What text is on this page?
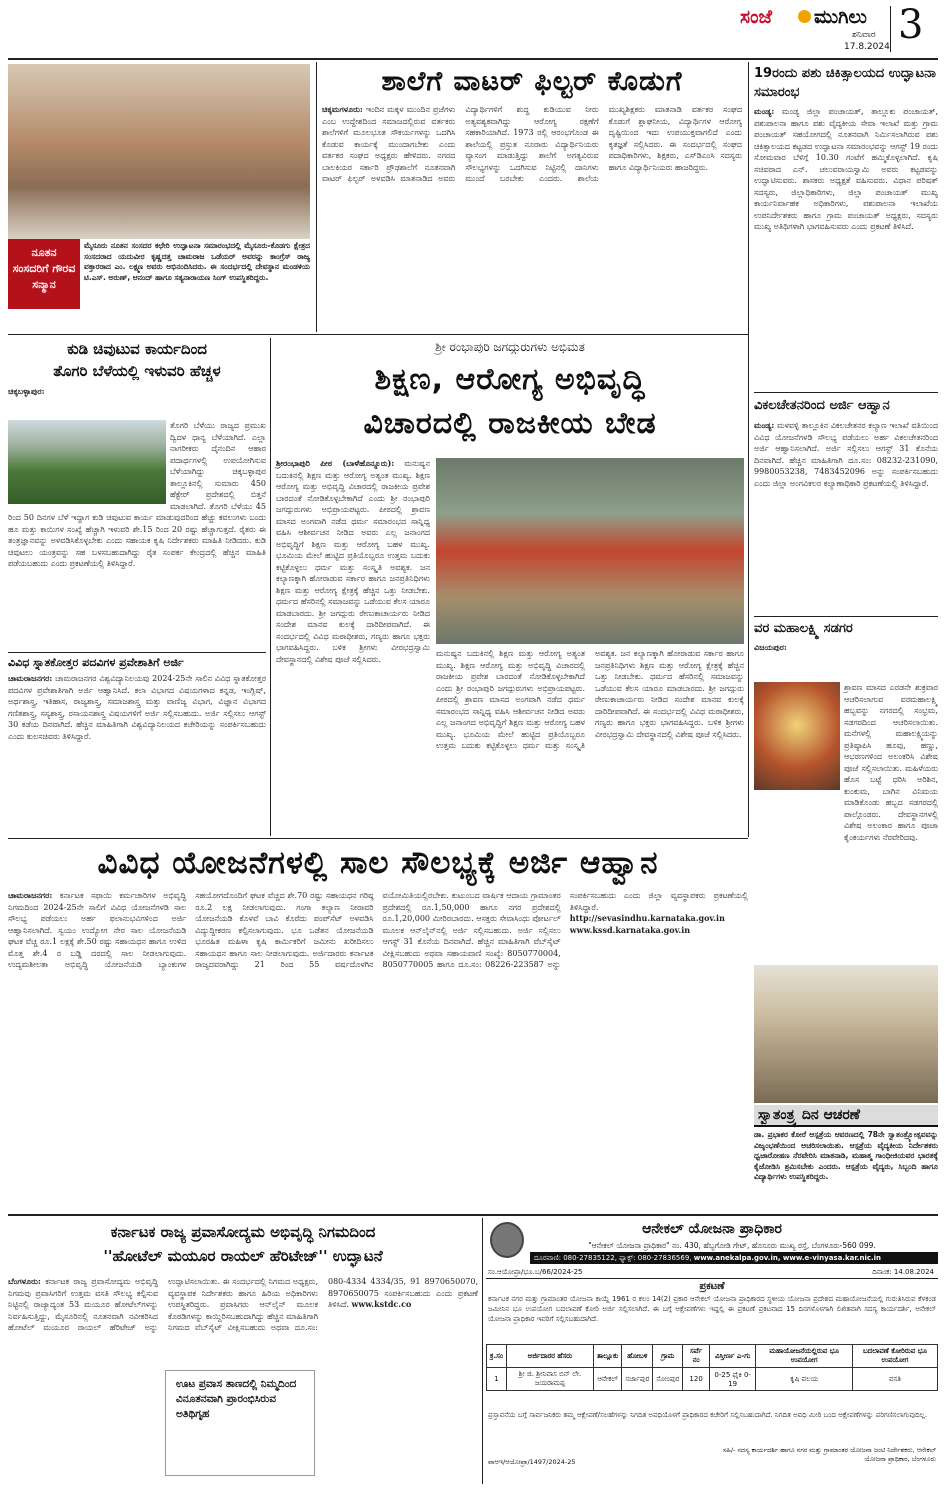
ಸಂಜೆ ಮುಗಿಲು
ಶನಿವಾರ
17.8.2024 3
ನೂತನ ಸಂಸದರಿಗೆ ಗೌರವ ಸನ್ಮಾನ
ಮೈಸೂರು ನೂತನ ಸಂಸದರ ಕಛೇರಿ ಉದ್ಘಾಟನಾ ಸಮಾರಂಭದಲ್ಲಿ ಮೈಸೂರು-ಕೊಡಗು ಕ್ಷೇತ್ರದ ಸಂಸದರಾದ ಯದುವೀರ ಕೃಷ್ಣದತ್ತ ಚಾಮರಾಜ ಒಡೆಯರ್ ಅವರನ್ನು ಕಾಂಗ್ರೆಸ್ ರಾಜ್ಯ ವಕ್ತಾರರಾದ ಎಂ. ಲಕ್ಷ್ಮಣ ಅವರು ಅಭಿನಂದಿಸಿದರು. ಈ ಸಂದರ್ಭದಲ್ಲಿ ದೇವಸ್ಥಾನ ಮಂಡಳಿಯ ಟಿ.ಎಸ್. ಅರುಣ್, ಆನಂದ್ ಹಾಗೂ ಸತ್ಯನಾರಾಯಣ ಸಿಂಗ್ ಉಪಸ್ಥಿತರಿದ್ದರು.
ಶಾಲೆಗೆ ವಾಟರ್ ಫಿಲ್ಟರ್ ಕೊಡುಗೆ
ಚಿಕ್ಕಮಗಳೂರು: ಇಂದಿನ ಮಕ್ಕಳ ಮುಂದಿನ ಪ್ರಜೆಗಳು ಎಂಬ ಉದ್ದೇಶದಿಂದ ಸಮಾಜದಲ್ಲಿರುವ ವರ್ತಕರು ಶಾಲೆಗಳಿಗೆ ಮೂಲಭೂತ ಸೌಕರ್ಯಗಳನ್ನು ಒದಗಿಸಿ ಕೊಡುವ ಕಾರ್ಯಕ್ಕೆ ಮುಂದಾಗಬೇಕು ಎಂದು ವರ್ತಕರ ಸಂಘದ ಅಧ್ಯಕ್ಷರು ಹೇಳಿದರು. ನಗರದ ಬಾಲಕಿಯರ ಸರ್ಕಾರಿ ಪ್ರೌಢಶಾಲೆಗೆ ನೂತನವಾಗಿ ವಾಟರ್ ಫಿಲ್ಟರ್ ಅಳವಡಿಸಿ ಮಾತನಾಡಿದ ಅವರು ವಿದ್ಯಾರ್ಥಿಗಳಿಗೆ ಶುದ್ಧ ಕುಡಿಯುವ ನೀರು ಅತ್ಯವಶ್ಯಕವಾಗಿದ್ದು ಆರೋಗ್ಯ ರಕ್ಷಣೆಗೆ ಸಹಕಾರಿಯಾಗಿದೆ. 1973 ರಲ್ಲಿ ಆರಂಭಗೊಂಡ ಈ ಶಾಲೆಯಲ್ಲಿ ಪ್ರಸ್ತುತ ನೂರಾರು ವಿದ್ಯಾರ್ಥಿನಿಯರು ವ್ಯಾಸಂಗ ಮಾಡುತ್ತಿದ್ದು ಶಾಲೆಗೆ ಅಗತ್ಯವಿರುವ ಸೌಲಭ್ಯಗಳನ್ನು ಒದಗಿಸುವ ನಿಟ್ಟಿನಲ್ಲಿ ದಾನಿಗಳು ಮುಂದೆ ಬರಬೇಕು ಎಂದರು. ಶಾಲೆಯ ಮುಖ್ಯಶಿಕ್ಷಕರು ಮಾತನಾಡಿ ವರ್ತಕರ ಸಂಘದ ಕೊಡುಗೆ ಶ್ಲಾಘನೀಯ, ವಿದ್ಯಾರ್ಥಿಗಳ ಆರೋಗ್ಯ ದೃಷ್ಟಿಯಿಂದ ಇದು ಉಪಯುಕ್ತವಾಗಲಿದೆ ಎಂದು ಕೃತಜ್ಞತೆ ಸಲ್ಲಿಸಿದರು. ಈ ಸಂದರ್ಭದಲ್ಲಿ ಸಂಘದ ಪದಾಧಿಕಾರಿಗಳು, ಶಿಕ್ಷಕರು, ಎಸ್‌ಡಿಎಂಸಿ ಸದಸ್ಯರು ಹಾಗೂ ವಿದ್ಯಾರ್ಥಿನಿಯರು ಹಾಜರಿದ್ದರು.
19ರಂದು ಪಶು ಚಿಕಿತ್ಸಾಲಯದ ಉದ್ಘಾಟನಾ ಸಮಾರಂಭ
ಮಂಡ್ಯ: ಮಂಡ್ಯ ಜಿಲ್ಲಾ ಪಂಚಾಯತ್, ತಾಲ್ಲೂಕು ಪಂಚಾಯತ್, ಪಶುಪಾಲನಾ ಹಾಗೂ ಪಶು ವೈದ್ಯಕೀಯ ಸೇವಾ ಇಲಾಖೆ ಮತ್ತು ಗ್ರಾಮ ಪಂಚಾಯತ್ ಸಹಯೋಗದಲ್ಲಿ ನೂತನವಾಗಿ ನಿರ್ಮಿಸಲಾಗಿರುವ ಪಶು ಚಿಕಿತ್ಸಾಲಯದ ಕಟ್ಟಡದ ಉದ್ಘಾಟನಾ ಸಮಾರಂಭವನ್ನು ಆಗಸ್ಟ್ 19 ರಂದು ಸೋಮವಾರ ಬೆಳಿಗ್ಗೆ 10.30 ಗಂಟೆಗೆ ಹಮ್ಮಿಕೊಳ್ಳಲಾಗಿದೆ. ಕೃಷಿ ಸಚಿವರಾದ ಎನ್. ಚಲುವರಾಯಸ್ವಾಮಿ ಅವರು ಕಟ್ಟಡವನ್ನು ಉದ್ಘಾಟಿಸುವರು. ಶಾಸಕರು ಅಧ್ಯಕ್ಷತೆ ವಹಿಸುವರು. ವಿಧಾನ ಪರಿಷತ್ ಸದಸ್ಯರು, ಜಿಲ್ಲಾಧಿಕಾರಿಗಳು, ಜಿಲ್ಲಾ ಪಂಚಾಯತ್ ಮುಖ್ಯ ಕಾರ್ಯನಿರ್ವಾಹಕ ಅಧಿಕಾರಿಗಳು, ಪಶುಪಾಲನಾ ಇಲಾಖೆಯ ಉಪನಿರ್ದೇಶಕರು ಹಾಗೂ ಗ್ರಾಮ ಪಂಚಾಯತ್ ಅಧ್ಯಕ್ಷರು, ಸದಸ್ಯರು ಮುಖ್ಯ ಅತಿಥಿಗಳಾಗಿ ಭಾಗವಹಿಸುವರು ಎಂದು ಪ್ರಕಟಣೆ ತಿಳಿಸಿದೆ.
ವಿಕಲಚೇತನರಿಂದ ಅರ್ಜಿ ಆಹ್ವಾನ
ಮಂಡ್ಯ: ಮಳವಳ್ಳಿ ತಾಲ್ಲೂಕಿನ ವಿಕಲಚೇತನರ ಕಲ್ಯಾಣ ಇಲಾಖೆ ವತಿಯಿಂದ ವಿವಿಧ ಯೋಜನೆಗಳಡಿ ಸೌಲಭ್ಯ ಪಡೆಯಲು ಅರ್ಹ ವಿಕಲಚೇತನರಿಂದ ಅರ್ಜಿ ಆಹ್ವಾನಿಸಲಾಗಿದೆ. ಅರ್ಜಿ ಸಲ್ಲಿಸಲು ಆಗಸ್ಟ್ 31 ಕೊನೆಯ ದಿನವಾಗಿದೆ. ಹೆಚ್ಚಿನ ಮಾಹಿತಿಗಾಗಿ ದೂ.ಸಂ: 08232-231090, 9980053238, 7483452096 ಅನ್ನು ಸಂಪರ್ಕಿಸಬಹುದು ಎಂದು ಜಿಲ್ಲಾ ಅಂಗವಿಕಲರ ಕಲ್ಯಾಣಾಧಿಕಾರಿ ಪ್ರಕಟಣೆಯಲ್ಲಿ ತಿಳಿಸಿದ್ದಾರೆ.
ವರ ಮಹಾಲಕ್ಷ್ಮಿ ಸಡಗರ
ವಿಜಯಪುರ:
ಶ್ರಾವಣ ಮಾಸದ ಎರಡನೇ ಶುಕ್ರವಾರ ಆಚರಿಸಲಾಗುವ ವರಮಹಾಲಕ್ಷ್ಮಿ ಹಬ್ಬವನ್ನು ನಗರದಲ್ಲಿ ಸಂಭ್ರಮ, ಸಡಗರದಿಂದ ಆಚರಿಸಲಾಯಿತು. ಮನೆಗಳಲ್ಲಿ ಮಹಾಲಕ್ಷ್ಮಿಯನ್ನು ಪ್ರತಿಷ್ಠಾಪಿಸಿ ಹೂವು, ಹಣ್ಣು, ಆಭರಣಗಳಿಂದ ಅಲಂಕರಿಸಿ ವಿಶೇಷ ಪೂಜೆ ಸಲ್ಲಿಸಲಾಯಿತು. ಮಹಿಳೆಯರು ಹೊಸ ಬಟ್ಟೆ ಧರಿಸಿ ಅರಿಶಿನ, ಕುಂಕುಮ, ಬಾಗಿನ ವಿನಿಮಯ ಮಾಡಿಕೊಂಡು ಹಬ್ಬದ ಸಡಗರದಲ್ಲಿ ಪಾಲ್ಗೊಂಡರು. ದೇವಸ್ಥಾನಗಳಲ್ಲಿ ವಿಶೇಷ ಅಲಂಕಾರ ಹಾಗೂ ಪೂಜಾ ಕೈಂಕರ್ಯಗಳು ನೆರವೇರಿದವು.
ಸ್ವಾತಂತ್ರ್ಯ ದಿನ ಆಚರಣೆ
ಡಾ. ಪ್ರಭಾಕರ ಕೋರೆ ಆಸ್ಪತ್ರೆಯ ಆವರಣದಲ್ಲಿ 78ನೇ ಸ್ವಾತಂತ್ರ್ಯೋತ್ಸವವನ್ನು ವಿಜೃಂಭಣೆಯಿಂದ ಆಚರಿಸಲಾಯಿತು. ಆಸ್ಪತ್ರೆಯ ವೈದ್ಯಕೀಯ ನಿರ್ದೇಶಕರು ಧ್ವಜಾರೋಹಣ ನೆರವೇರಿಸಿ ಮಾತನಾಡಿ, ಮಹಾತ್ಮ ಗಾಂಧೀಜಿಯವರ ಭಾರತಕ್ಕೆ ಕೈಜೋಡಿಸಿ ಶ್ರಮಿಸಬೇಕು ಎಂದರು. ಆಸ್ಪತ್ರೆಯ ವೈದ್ಯರು, ಸಿಬ್ಬಂದಿ ಹಾಗೂ ವಿದ್ಯಾರ್ಥಿಗಳು ಉಪಸ್ಥಿತರಿದ್ದರು.
ಕುಡಿ ಚಿವುಟುವ ಕಾರ್ಯದಿಂದ
ತೊಗರಿ ಬೆಳೆಯಲ್ಲಿ ಇಳುವರಿ ಹೆಚ್ಚಳ
ಚಿಕ್ಕಬಳ್ಳಾಪುರ:
ತೊಗರಿ ಬೆಳೆಯು ರಾಜ್ಯದ ಪ್ರಮುಖ ದ್ವಿದಳ ಧಾನ್ಯ ಬೆಳೆಯಾಗಿದೆ. ಎಲ್ಲಾ ನಾಗರೀಕರು ದೈನಂದಿನ ಆಹಾರ ಪದಾರ್ಥಗಳಲ್ಲಿ ಉಪಯೋಗಿಸುವ ಬೆಳೆಯಾಗಿದ್ದು ಚಿಕ್ಕಬಳ್ಳಾಪುರ ತಾಲ್ಲೂಕಿನಲ್ಲಿ ಸುಮಾರು 450 ಹೆಕ್ಟೇರ್ ಪ್ರದೇಶದಲ್ಲಿ ಬಿತ್ತನೆ ಮಾಡಲಾಗಿದೆ. ತೊಗರಿ ಬೆಳೆಯು 45 ರಿಂದ 50 ದಿನಗಳ ಬೆಳೆ ಇದ್ದಾಗ ಕುಡಿ ಚಿವುಟುವ ಕಾರ್ಯ ಮಾಡುವುದರಿಂದ ಹೆಚ್ಚು ಕವಲುಗಳು ಬಂದು ಹೂ ಮತ್ತು ಕಾಯಿಗಳ ಸಂಖ್ಯೆ ಹೆಚ್ಚಾಗಿ ಇಳುವರಿ ಶೇ.15 ರಿಂದ 20 ರಷ್ಟು ಹೆಚ್ಚಾಗುತ್ತದೆ. ರೈತರು ಈ ತಂತ್ರಜ್ಞಾನವನ್ನು ಅಳವಡಿಸಿಕೊಳ್ಳಬೇಕು ಎಂದು ಸಹಾಯಕ ಕೃಷಿ ನಿರ್ದೇಶಕರು ಮಾಹಿತಿ ನೀಡಿದರು. ಕುಡಿ ಚಿವುಟಲು ಯಂತ್ರವನ್ನು ಸಹ ಬಳಸಬಹುದಾಗಿದ್ದು ರೈತ ಸಂಪರ್ಕ ಕೇಂದ್ರದಲ್ಲಿ ಹೆಚ್ಚಿನ ಮಾಹಿತಿ ಪಡೆಯಬಹುದು ಎಂದು ಪ್ರಕಟಣೆಯಲ್ಲಿ ತಿಳಿಸಿದ್ದಾರೆ.
ವಿವಿಧ ಸ್ನಾತಕೋತ್ತರ ಪದವಿಗಳ ಪ್ರವೇಶಾತಿಗೆ ಅರ್ಜಿ
ಚಾಮರಾಜನಗರ: ಚಾಮರಾಜನಗರ ವಿಶ್ವವಿದ್ಯಾನಿಲಯವು 2024-25ನೇ ಸಾಲಿನ ವಿವಿಧ ಸ್ನಾತಕೋತ್ತರ ಪದವಿಗಳ ಪ್ರವೇಶಾತಿಗಾಗಿ ಅರ್ಜಿ ಆಹ್ವಾನಿಸಿದೆ. ಕಲಾ ವಿಭಾಗದ ವಿಷಯಗಳಾದ ಕನ್ನಡ, ಇಂಗ್ಲಿಷ್, ಅರ್ಥಶಾಸ್ತ್ರ, ಇತಿಹಾಸ, ರಾಜ್ಯಶಾಸ್ತ್ರ, ಸಮಾಜಶಾಸ್ತ್ರ ಮತ್ತು ವಾಣಿಜ್ಯ ವಿಭಾಗ, ವಿಜ್ಞಾನ ವಿಭಾಗದ ಗಣಿತಶಾಸ್ತ್ರ, ಸಸ್ಯಶಾಸ್ತ್ರ, ರಸಾಯನಶಾಸ್ತ್ರ ವಿಷಯಗಳಿಗೆ ಅರ್ಜಿ ಸಲ್ಲಿಸಬಹುದು. ಅರ್ಜಿ ಸಲ್ಲಿಸಲು ಆಗಸ್ಟ್ 30 ಕಡೆಯ ದಿನವಾಗಿದೆ. ಹೆಚ್ಚಿನ ಮಾಹಿತಿಗಾಗಿ ವಿಶ್ವವಿದ್ಯಾನಿಲಯದ ಕಚೇರಿಯನ್ನು ಸಂಪರ್ಕಿಸಬಹುದು ಎಂದು ಕುಲಸಚಿವರು ತಿಳಿಸಿದ್ದಾರೆ.
ಶ್ರೀ ರಂಭಾಪುರಿ ಜಗದ್ಗುರುಗಳು ಅಭಿಮತ
ಶಿಕ್ಷಣ, ಆರೋಗ್ಯ ಅಭಿವೃದ್ಧಿ
ವಿಚಾರದಲ್ಲಿ ರಾಜಕೀಯ ಬೇಡ
ಶ್ರೀರಂಭಾಪುರಿ ಪೀಠ (ಬಾಳೆಹೊನ್ನೂರು): ಮನುಷ್ಯನ ಬದುಕಿನಲ್ಲಿ ಶಿಕ್ಷಣ ಮತ್ತು ಆರೋಗ್ಯ ಅತ್ಯಂತ ಮುಖ್ಯ. ಶಿಕ್ಷಣ ಆರೋಗ್ಯ ಮತ್ತು ಅಭಿವೃದ್ಧಿ ವಿಚಾರದಲ್ಲಿ ರಾಜಕೀಯ ಪ್ರವೇಶ ಬಾರದಂತೆ ನೋಡಿಕೊಳ್ಳಬೇಕಾಗಿದೆ ಎಂದು ಶ್ರೀ ರಂಭಾಪುರಿ ಜಗದ್ಗುರುಗಳು ಅಭಿಪ್ರಾಯಪಟ್ಟರು. ಪೀಠದಲ್ಲಿ ಶ್ರಾವಣ ಮಾಸದ ಅಂಗವಾಗಿ ನಡೆದ ಧರ್ಮ ಸಮಾರಂಭದ ಸಾನ್ನಿಧ್ಯ ವಹಿಸಿ ಆಶೀರ್ವಚನ ನೀಡಿದ ಅವರು ಎಲ್ಲ ಜನಾಂಗದ ಅಭಿವೃದ್ಧಿಗೆ ಶಿಕ್ಷಣ ಮತ್ತು ಆರೋಗ್ಯ ಬಹಳ ಮುಖ್ಯ. ಭೂಮಿಯ ಮೇಲೆ ಹುಟ್ಟಿದ ಪ್ರತಿಯೊಬ್ಬರೂ ಉತ್ತಮ ಬದುಕು ಕಟ್ಟಿಕೊಳ್ಳಲು ಧರ್ಮ ಮತ್ತು ಸಂಸ್ಕೃತಿ ಅವಶ್ಯಕ. ಜನ ಕಲ್ಯಾಣಕ್ಕಾಗಿ ಹೋರಾಡುವ ಸರ್ಕಾರ ಹಾಗೂ ಜನಪ್ರತಿನಿಧಿಗಳು ಶಿಕ್ಷಣ ಮತ್ತು ಆರೋಗ್ಯ ಕ್ಷೇತ್ರಕ್ಕೆ ಹೆಚ್ಚಿನ ಒತ್ತು ನೀಡಬೇಕು. ಧರ್ಮದ ಹೆಸರಿನಲ್ಲಿ ಸಮಾಜವನ್ನು ಒಡೆಯುವ ಕೆಲಸ ಯಾರೂ ಮಾಡಬಾರದು. ಶ್ರೀ ಜಗದ್ಗುರು ರೇಣುಕಾಚಾರ್ಯರು ನೀಡಿದ ಸಂದೇಶ ಮಾನವ ಕುಲಕ್ಕೆ ದಾರಿದೀಪವಾಗಿದೆ. ಈ ಸಂದರ್ಭದಲ್ಲಿ ವಿವಿಧ ಮಠಾಧೀಶರು, ಗಣ್ಯರು ಹಾಗೂ ಭಕ್ತರು ಭಾಗವಹಿಸಿದ್ದರು. ಬಳಿಕ ಶ್ರೀಗಳು ವೀರಭದ್ರಸ್ವಾಮಿ ದೇವಸ್ಥಾನದಲ್ಲಿ ವಿಶೇಷ ಪೂಜೆ ಸಲ್ಲಿಸಿದರು.
ಮನುಷ್ಯನ ಬದುಕಿನಲ್ಲಿ ಶಿಕ್ಷಣ ಮತ್ತು ಆರೋಗ್ಯ ಅತ್ಯಂತ ಮುಖ್ಯ. ಶಿಕ್ಷಣ ಆರೋಗ್ಯ ಮತ್ತು ಅಭಿವೃದ್ಧಿ ವಿಚಾರದಲ್ಲಿ ರಾಜಕೀಯ ಪ್ರವೇಶ ಬಾರದಂತೆ ನೋಡಿಕೊಳ್ಳಬೇಕಾಗಿದೆ ಎಂದು ಶ್ರೀ ರಂಭಾಪುರಿ ಜಗದ್ಗುರುಗಳು ಅಭಿಪ್ರಾಯಪಟ್ಟರು. ಪೀಠದಲ್ಲಿ ಶ್ರಾವಣ ಮಾಸದ ಅಂಗವಾಗಿ ನಡೆದ ಧರ್ಮ ಸಮಾರಂಭದ ಸಾನ್ನಿಧ್ಯ ವಹಿಸಿ ಆಶೀರ್ವಚನ ನೀಡಿದ ಅವರು ಎಲ್ಲ ಜನಾಂಗದ ಅಭಿವೃದ್ಧಿಗೆ ಶಿಕ್ಷಣ ಮತ್ತು ಆರೋಗ್ಯ ಬಹಳ ಮುಖ್ಯ. ಭೂಮಿಯ ಮೇಲೆ ಹುಟ್ಟಿದ ಪ್ರತಿಯೊಬ್ಬರೂ ಉತ್ತಮ ಬದುಕು ಕಟ್ಟಿಕೊಳ್ಳಲು ಧರ್ಮ ಮತ್ತು ಸಂಸ್ಕೃತಿ ಅವಶ್ಯಕ. ಜನ ಕಲ್ಯಾಣಕ್ಕಾಗಿ ಹೋರಾಡುವ ಸರ್ಕಾರ ಹಾಗೂ ಜನಪ್ರತಿನಿಧಿಗಳು ಶಿಕ್ಷಣ ಮತ್ತು ಆರೋಗ್ಯ ಕ್ಷೇತ್ರಕ್ಕೆ ಹೆಚ್ಚಿನ ಒತ್ತು ನೀಡಬೇಕು. ಧರ್ಮದ ಹೆಸರಿನಲ್ಲಿ ಸಮಾಜವನ್ನು ಒಡೆಯುವ ಕೆಲಸ ಯಾರೂ ಮಾಡಬಾರದು. ಶ್ರೀ ಜಗದ್ಗುರು ರೇಣುಕಾಚಾರ್ಯರು ನೀಡಿದ ಸಂದೇಶ ಮಾನವ ಕುಲಕ್ಕೆ ದಾರಿದೀಪವಾಗಿದೆ. ಈ ಸಂದರ್ಭದಲ್ಲಿ ವಿವಿಧ ಮಠಾಧೀಶರು, ಗಣ್ಯರು ಹಾಗೂ ಭಕ್ತರು ಭಾಗವಹಿಸಿದ್ದರು. ಬಳಿಕ ಶ್ರೀಗಳು ವೀರಭದ್ರಸ್ವಾಮಿ ದೇವಸ್ಥಾನದಲ್ಲಿ ವಿಶೇಷ ಪೂಜೆ ಸಲ್ಲಿಸಿದರು.
ವಿವಿಧ ಯೋಜನೆಗಳಲ್ಲಿ ಸಾಲ ಸೌಲಭ್ಯಕ್ಕೆ ಅರ್ಜಿ ಆಹ್ವಾನ
ಚಾಮರಾಜನಗರ: ಕರ್ನಾಟಕ ಸಫಾಯಿ ಕರ್ಮಚಾರಿಗಳ ಅಭಿವೃದ್ಧಿ ನಿಗಮದಿಂದ 2024-25ನೇ ಸಾಲಿಗೆ ವಿವಿಧ ಯೋಜನೆಗಳಡಿ ಸಾಲ ಸೌಲಭ್ಯ ಪಡೆಯಲು ಅರ್ಹ ಫಲಾನುಭವಿಗಳಿಂದ ಅರ್ಜಿ ಆಹ್ವಾನಿಸಲಾಗಿದೆ. ಸ್ವಯಂ ಉದ್ಯೋಗ ನೇರ ಸಾಲ ಯೋಜನೆಯಡಿ ಘಟಕ ವೆಚ್ಚ ರೂ.1 ಲಕ್ಷಕ್ಕೆ ಶೇ.50 ರಷ್ಟು ಸಹಾಯಧನ ಹಾಗೂ ಉಳಿದ ಮೊತ್ತ ಶೇ.4 ರ ಬಡ್ಡಿ ದರದಲ್ಲಿ ಸಾಲ ನೀಡಲಾಗುವುದು. ಉದ್ಯಮಶೀಲತಾ ಅಭಿವೃದ್ಧಿ ಯೋಜನೆಯಡಿ ಬ್ಯಾಂಕುಗಳ ಸಹಯೋಗದೊಂದಿಗೆ ಘಟಕ ವೆಚ್ಚದ ಶೇ.70 ರಷ್ಟು ಸಹಾಯಧನ ಗರಿಷ್ಠ ರೂ.2 ಲಕ್ಷ ನೀಡಲಾಗುವುದು. ಗಂಗಾ ಕಲ್ಯಾಣ ನೀರಾವರಿ ಯೋಜನೆಯಡಿ ಕೊಳವೆ ಬಾವಿ ಕೊರೆದು ಪಂಪ್‌ಸೆಟ್ ಅಳವಡಿಸಿ ವಿದ್ಯುದ್ದೀಕರಣ ಕಲ್ಪಿಸಲಾಗುವುದು. ಭೂ ಒಡೆತನ ಯೋಜನೆಯಡಿ ಭೂರಹಿತ ಮಹಿಳಾ ಕೃಷಿ ಕಾರ್ಮಿಕರಿಗೆ ಜಮೀನು ಖರೀದಿಸಲು ಸಹಾಯಧನ ಹಾಗೂ ಸಾಲ ನೀಡಲಾಗುವುದು. ಅರ್ಜಿದಾರರು ಕರ್ನಾಟಕ ರಾಜ್ಯದವರಾಗಿದ್ದು 21 ರಿಂದ 55 ವರ್ಷದೊಳಗಿನ ವಯೋಮಿತಿಯಲ್ಲಿರಬೇಕು. ಕುಟುಂಬದ ವಾರ್ಷಿಕ ಆದಾಯ ಗ್ರಾಮಾಂತರ ಪ್ರದೇಶದಲ್ಲಿ ರೂ.1,50,000 ಹಾಗೂ ನಗರ ಪ್ರದೇಶದಲ್ಲಿ ರೂ.1,20,000 ಮೀರಿರಬಾರದು. ಆಸಕ್ತರು ಸೇವಾಸಿಂಧು ಪೋರ್ಟಲ್ ಮೂಲಕ ಆನ್‌ಲೈನ್‌ನಲ್ಲಿ ಅರ್ಜಿ ಸಲ್ಲಿಸಬಹುದು. ಅರ್ಜಿ ಸಲ್ಲಿಸಲು ಆಗಸ್ಟ್ 31 ಕೊನೆಯ ದಿನವಾಗಿದೆ. ಹೆಚ್ಚಿನ ಮಾಹಿತಿಗಾಗಿ ವೆಬ್‌ಸೈಟ್ ವೀಕ್ಷಿಸಬಹುದು ಅಥವಾ ಸಹಾಯವಾಣಿ ಸಂಖ್ಯೆ: 8050770004, 8050770005 ಹಾಗೂ ದೂ.ಸಂ: 08226-223587 ಅನ್ನು ಸಂಪರ್ಕಿಸಬಹುದು ಎಂದು ಜಿಲ್ಲಾ ವ್ಯವಸ್ಥಾಪಕರು ಪ್ರಕಟಣೆಯಲ್ಲಿ ತಿಳಿಸಿದ್ದಾರೆ. http://sevasindhu.karnataka.gov.in www.kssd.karnataka.gov.in
ಕರ್ನಾಟಕ ರಾಜ್ಯ ಪ್ರವಾಸೋದ್ಯಮ ಅಭಿವೃದ್ಧಿ ನಿಗಮದಿಂದ
''ಹೋಟೆಲ್ ಮಯೂರ ರಾಯಲ್ ಹೆರಿಟೇಜ್'' ಉದ್ಘಾಟನೆ
ಬೆಂಗಳೂರು: ಕರ್ನಾಟಕ ರಾಜ್ಯ ಪ್ರವಾಸೋದ್ಯಮ ಅಭಿವೃದ್ಧಿ ನಿಗಮವು ಪ್ರವಾಸಿಗರಿಗೆ ಉತ್ತಮ ವಸತಿ ಸೌಲಭ್ಯ ಕಲ್ಪಿಸುವ ನಿಟ್ಟಿನಲ್ಲಿ ರಾಜ್ಯಾದ್ಯಂತ 53 ಮಯೂರ ಹೋಟೆಲ್‌ಗಳನ್ನು ನಿರ್ವಹಿಸುತ್ತಿದ್ದು, ಮೈಸೂರಿನಲ್ಲಿ ನೂತನವಾಗಿ ನವೀಕರಿಸಿದ ಹೋಟೆಲ್ ಮಯೂರ ರಾಯಲ್ ಹೆರಿಟೇಜ್ ಅನ್ನು ಉದ್ಘಾಟಿಸಲಾಯಿತು. ಈ ಸಂದರ್ಭದಲ್ಲಿ ನಿಗಮದ ಅಧ್ಯಕ್ಷರು, ವ್ಯವಸ್ಥಾಪಕ ನಿರ್ದೇಶಕರು ಹಾಗೂ ಹಿರಿಯ ಅಧಿಕಾರಿಗಳು ಉಪಸ್ಥಿತರಿದ್ದರು. ಪ್ರವಾಸಿಗರು ಆನ್‌ಲೈನ್ ಮೂಲಕ ಕೊಠಡಿಗಳನ್ನು ಕಾಯ್ದಿರಿಸಬಹುದಾಗಿದ್ದು ಹೆಚ್ಚಿನ ಮಾಹಿತಿಗಾಗಿ ನಿಗಮದ ವೆಬ್‌ಸೈಟ್ ವೀಕ್ಷಿಸಬಹುದು ಅಥವಾ ದೂ.ಸಂ: 080-4334 4334/35, 91 8970650070, 8970650075 ಸಂಪರ್ಕಿಸಬಹುದು ಎಂದು ಪ್ರಕಟಣೆ ತಿಳಿಸಿದೆ. www.kstdc.co
ಊಟ ಪ್ರವಾಸ ತಾಣದಲ್ಲಿ ನಿಮ್ಮದಿಂದ ವಿನೂತನವಾಗಿ ಪ್ರಾರಂಭಿಸಿರುವ ಅತಿಥಿಗೃಹ
ಆನೇಕಲ್ ಯೋಜನಾ ಪ್ರಾಧಿಕಾರ
"ಆನೇಕಲ್ ಯೋಜನಾ ಪ್ರಾಧಿಕಾರ" ನಂ. 430, ಹೆಬ್ಬಗೋಡಿ ಗೇಟ್, ಹೊಸೂರು ಮುಖ್ಯ ರಸ್ತೆ, ಬೆಂಗಳೂರು-560 099.
ದೂರವಾಣಿ: 080-27835122, ಫ್ಯಾಕ್ಸ್: 080-27836569, www.anekalpa.gov.in, www.e-vinyasa.kar.nic.in
ಸಂ.ಆಯೋಪ್ರಾ/ಭೂ.ಬ/66/2024-25	ದಿನಾಂಕ: 14.08.2024
ಪ್ರಕಟಣೆ
ಕರ್ನಾಟಕ ನಗರ ಮತ್ತು ಗ್ರಾಮಾಂತರ ಯೋಜನಾ ಕಾಯ್ದೆ 1961 ರ ಕಲಂ 14(2) ಪ್ರಕಾರ ಆನೇಕಲ್ ಯೋಜನಾ ಪ್ರಾಧಿಕಾರದ ಸ್ಥಳೀಯ ಯೋಜನಾ ಪ್ರದೇಶದ ಮಹಾಯೋಜನೆಯಲ್ಲಿ ಗುರುತಿಸಿರುವ ಕೆಳಕಂಡ ಜಮೀನಿನ ಭೂ ಉಪಯೋಗ ಬದಲಾವಣೆ ಕೋರಿ ಅರ್ಜಿ ಸಲ್ಲಿಸಲಾಗಿದೆ. ಈ ಬಗ್ಗೆ ಆಕ್ಷೇಪಣೆಗಳು ಇದ್ದಲ್ಲಿ ಈ ಪ್ರಕಟಣೆ ಪ್ರಕಟವಾದ 15 ದಿನಗಳೊಳಗಾಗಿ ಲಿಖಿತವಾಗಿ ಸದಸ್ಯ ಕಾರ್ಯದರ್ಶಿ, ಆನೇಕಲ್ ಯೋಜನಾ ಪ್ರಾಧಿಕಾರ ಇವರಿಗೆ ಸಲ್ಲಿಸಬಹುದಾಗಿದೆ.
ಕ್ರ.ಸಂ	ಅರ್ಜಿದಾರರ ಹೆಸರು	ತಾಲ್ಲೂಕು	ಹೋಬಳಿ	ಗ್ರಾಮ	ಸರ್ವೆ ನಂ	ವಿಸ್ತೀರ್ಣ ಎ-ಗು	ಮಹಾಯೋಜನೆಯಲ್ಲಿರುವ ಭೂ ಉಪಯೋಗ	ಬದಲಾವಣೆ ಕೋರಿರುವ ಭೂ ಉಪಯೋಗ
1	ಶ್ರೀ ಜಿ. ಶ್ರೀನಿವಾಸ ಬಿನ್ ಲೇ. ಜಯರಾಮಪ್ಪ	ಆನೇಕಲ್	ಸರ್ಜಾಪುರ	ಸೋಂಪುರ	120	0-25 ಫೈಕಿ 0-19	ಕೃಷಿ ವಲಯ	ವಸತಿ
ಪ್ರಸ್ತಾವನೆಯ ಬಗ್ಗೆ ಸಾರ್ವಜನಿಕರು ತಮ್ಮ ಆಕ್ಷೇಪಣೆ/ಸಲಹೆಗಳನ್ನು ನಿಗದಿತ ಅವಧಿಯೊಳಗೆ ಪ್ರಾಧಿಕಾರದ ಕಚೇರಿಗೆ ಸಲ್ಲಿಸಬಹುದಾಗಿದೆ. ನಿಗದಿತ ಅವಧಿ ಮೀರಿ ಬಂದ ಆಕ್ಷೇಪಣೆಗಳನ್ನು ಪರಿಗಣಿಸಲಾಗುವುದಿಲ್ಲ.
ವಾಆಇ/ಆಯೋಪ್ರಾ/1497/2024-25
ಸಹಿ/- ಸದಸ್ಯ ಕಾರ್ಯದರ್ಶಿ ಹಾಗೂ ನಗರ ಮತ್ತು ಗ್ರಾಮಾಂತರ ಯೋಜನಾ ಜಂಟಿ ನಿರ್ದೇಶಕರು, ಆನೇಕಲ್ ಯೋಜನಾ ಪ್ರಾಧಿಕಾರ, ಬೆಂಗಳೂರು
